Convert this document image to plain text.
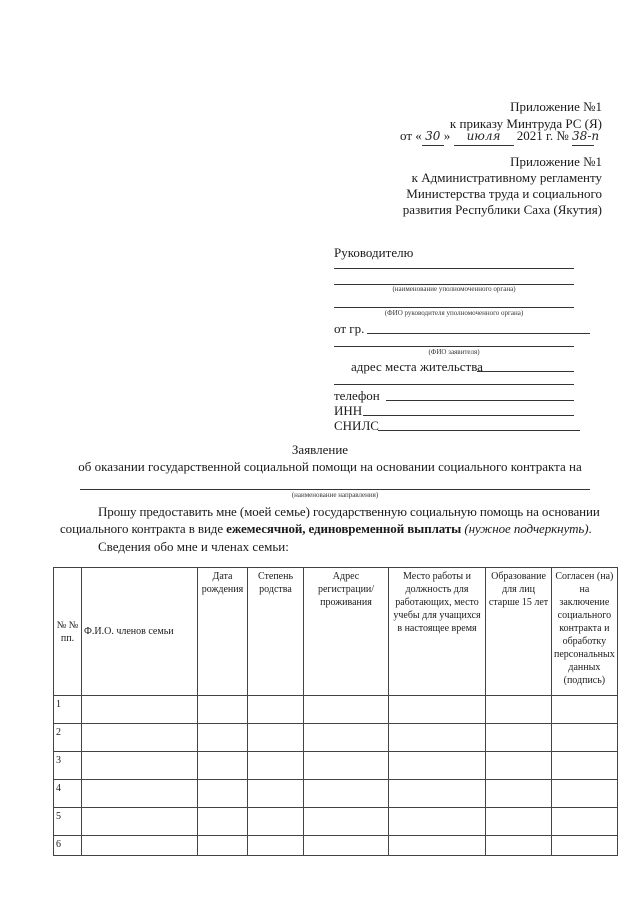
Приложение №1
к приказу Минтруда РС (Я)
от « 30 » июля 2021 г. № 38-п
Приложение №1
к Административному регламенту
Министерства труда и социального
развития Республики Саха (Якутия)
Руководителю
(наименование уполномоченного органа)
(ФИО руководителя уполномоченного органа)
от гр.
(ФИО заявителя)
адрес места жительства
телефон
ИНН
СНИЛС
Заявление
об оказании государственной социальной помощи на основании социального контракта на
(наименование направления)
Прошу предоставить мне (моей семье) государственную социальную помощь на основании
социального контракта в виде ежемесячной, единовременной выплаты (нужное подчеркнуть).
Сведения обо мне и членах семьи:
№ № пп.	Ф.И.О. членов семьи	Дата рождения	Степень родства	Адрес регистрации/ проживания	Место работы и должность для работающих, место учебы для учащихся в настоящее время	Образование для лиц старше 15 лет	Согласен (на) на заключение социального контракта и обработку персональных данных (подпись)
1							
2							
3							
4							
5							
6							
